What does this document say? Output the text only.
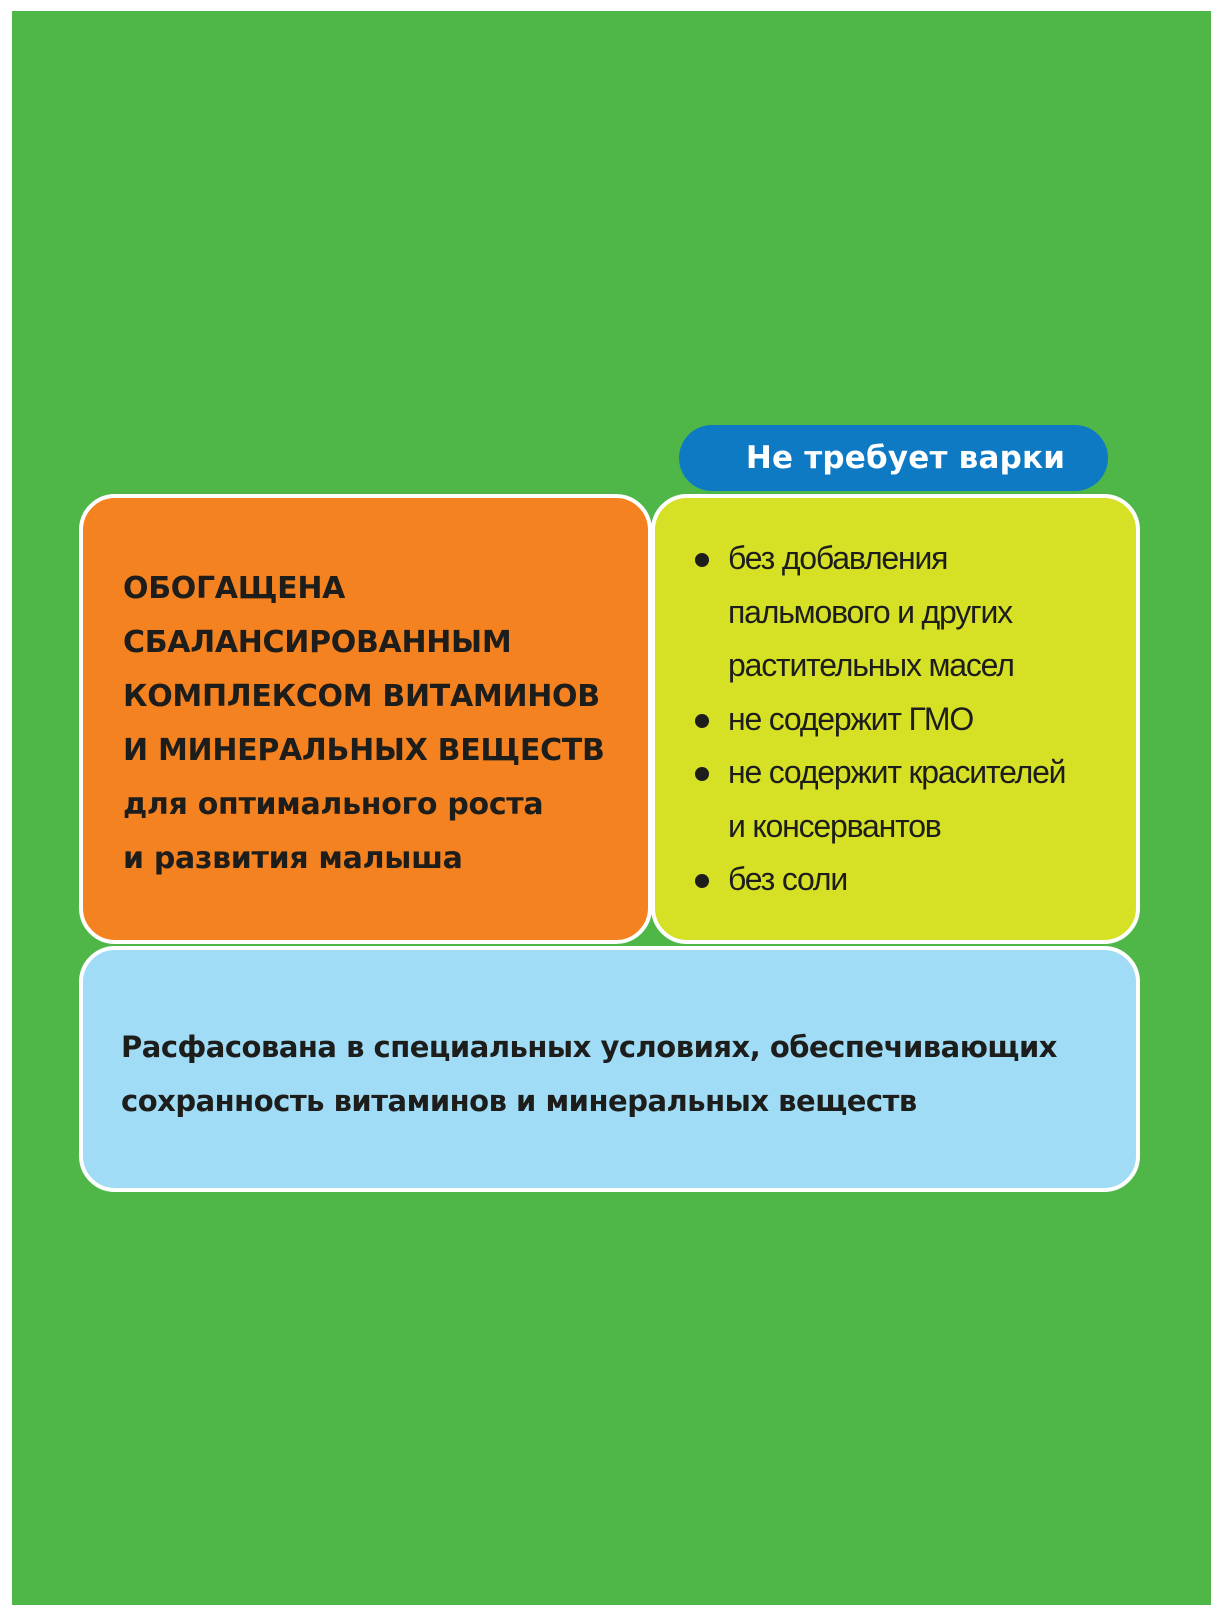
Не требует варки

ОБОГАЩЕНА
СБАЛАНСИРОВАННЫМ
КОМПЛЕКСОМ ВИТАМИНОВ
И МИНЕРАЛЬНЫХ ВЕЩЕСТВ
для оптимального роста
и развития малыша

без добавления
пальмового и других
растительных масел
не содержит ГМО
не содержит красителей
и консервантов
без соли

Расфасована в специальных условиях, обеспечивающих
сохранность витаминов и минеральных веществ
